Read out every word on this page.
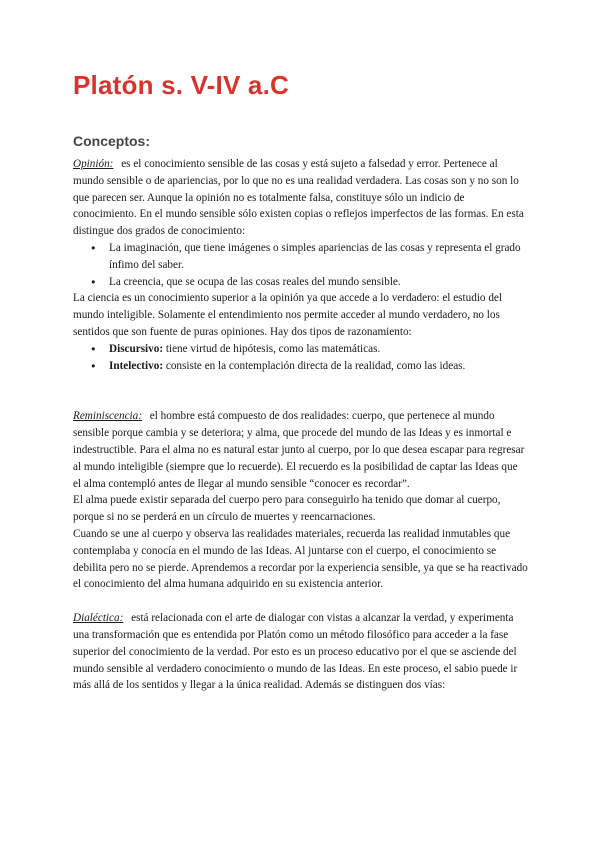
Platón s. V-IV a.C
Conceptos:

Opinión: es el conocimiento sensible de las cosas y está sujeto a falsedad y error. Pertenece al mundo sensible o de apariencias, por lo que no es una realidad verdadera. Las cosas son y no son lo que parecen ser. Aunque la opinión no es totalmente falsa, constituye sólo un indicio de conocimiento. En el mundo sensible sólo existen copias o reflejos imperfectos de las formas. En esta distingue dos grados de conocimiento:

● La imaginación, que tiene imágenes o simples apariencias de las cosas y representa el grado ínfimo del saber.
● La creencia, que se ocupa de las cosas reales del mundo sensible.

La ciencia es un conocimiento superior a la opinión ya que accede a lo verdadero: el estudio del mundo inteligible. Solamente el entendimiento nos permite acceder al mundo verdadero, no los sentidos que son fuente de puras opiniones. Hay dos tipos de razonamiento:

● Discursivo: tiene virtud de hipótesis, como las matemáticas.
● Intelectivo: consiste en la contemplación directa de la realidad, como las ideas.

Reminiscencia: el hombre está compuesto de dos realidades: cuerpo, que pertenece al mundo sensible porque cambia y se deteriora; y alma, que procede del mundo de las Ideas y es inmortal e indestructible. Para el alma no es natural estar junto al cuerpo, por lo que desea escapar para regresar al mundo inteligible (siempre que lo recuerde). El recuerdo es la posibilidad de captar las Ideas que el alma contempló antes de llegar al mundo sensible “conocer es recordar”.

El alma puede existir separada del cuerpo pero para conseguirlo ha tenido que domar al cuerpo, porque si no se perderá en un círculo de muertes y reencarnaciones.

Cuando se une al cuerpo y observa las realidades materiales, recuerda las realidad inmutables que contemplaba y conocía en el mundo de las Ideas. Al juntarse con el cuerpo, el conocimiento se debilita pero no se pierde. Aprendemos a recordar por la experiencia sensible, ya que se ha reactivado el conocimiento del alma humana adquirido en su existencia anterior.

Dialéctica: está relacionada con el arte de dialogar con vistas a alcanzar la verdad, y experimenta una transformación que es entendida por Platón como un método filosófico para acceder a la fase superior del conocimiento de la verdad. Por esto es un proceso educativo por el que se asciende del mundo sensible al verdadero conocimiento o mundo de las Ideas. En este proceso, el sabio puede ir más allá de los sentidos y llegar a la única realidad. Además se distinguen dos vías:
